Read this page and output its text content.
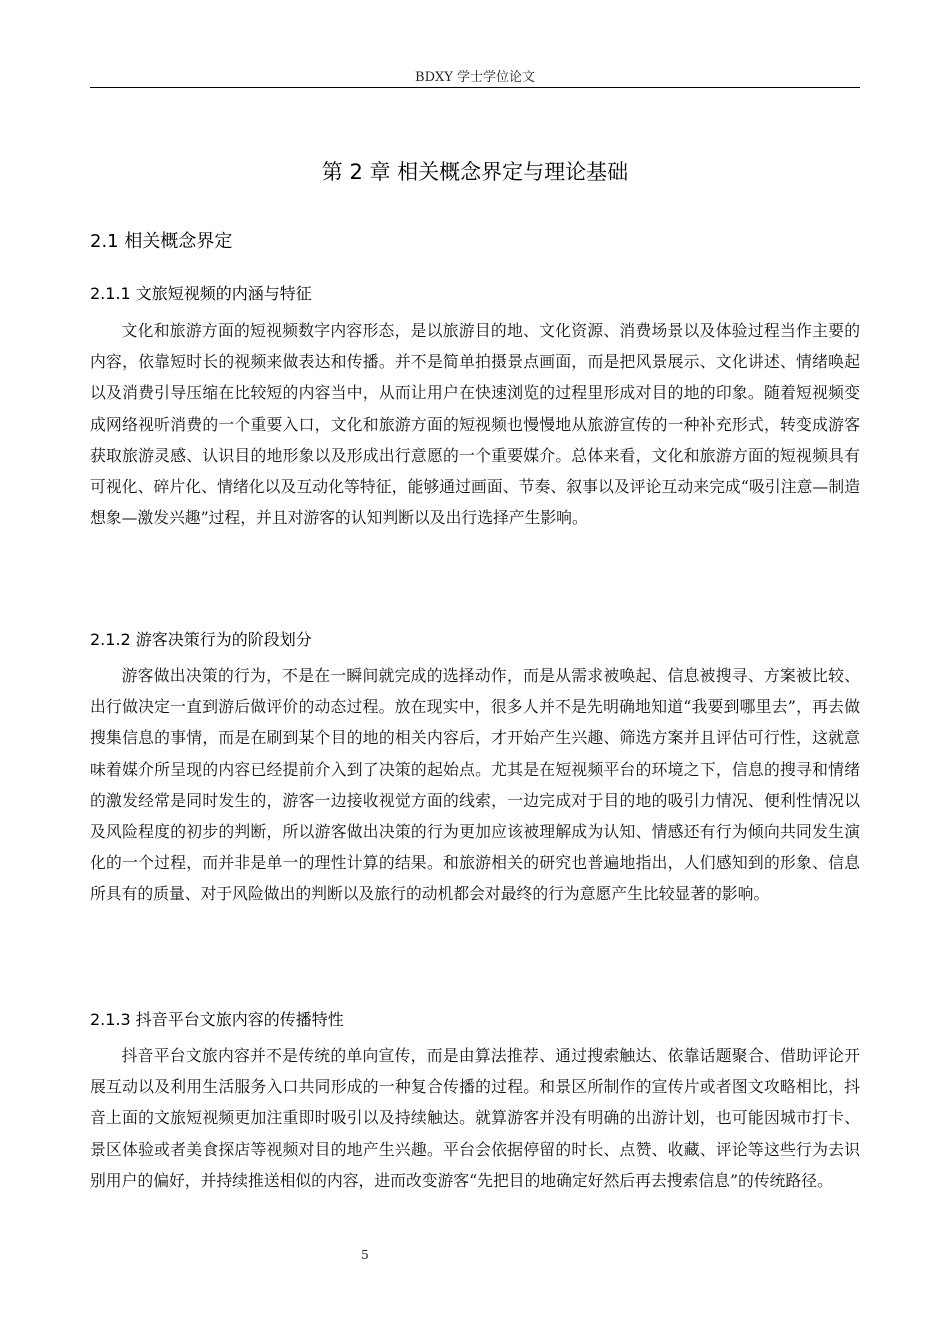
BDXY 学士学位论文
第 2 章 相关概念界定与理论基础
2.1 相关概念界定
2.1.1 文旅短视频的内涵与特征

文化和旅游方面的短视频数字内容形态，是以旅游目的地、文化资源、消费场景以及体验过程当作主要的内容，依靠短时长的视频来做表达和传播。并不是简单拍摄景点画面，而是把风景展示、文化讲述、情绪唤起以及消费引导压缩在比较短的内容当中，从而让用户在快速浏览的过程里形成对目的地的印象。随着短视频变成网络视听消费的一个重要入口，文化和旅游方面的短视频也慢慢地从旅游宣传的一种补充形式，转变成游客获取旅游灵感、认识目的地形象以及形成出行意愿的一个重要媒介。总体来看，文化和旅游方面的短视频具有可视化、碎片化、情绪化以及互动化等特征，能够通过画面、节奏、叙事以及评论互动来完成“吸引注意—制造想象—激发兴趣”过程，并且对游客的认知判断以及出行选择产生影响。

2.1.2 游客决策行为的阶段划分

游客做出决策的行为，不是在一瞬间就完成的选择动作，而是从需求被唤起、信息被搜寻、方案被比较、出行做决定一直到游后做评价的动态过程。放在现实中，很多人并不是先明确地知道“我要到哪里去”，再去做搜集信息的事情，而是在刷到某个目的地的相关内容后，才开始产生兴趣、筛选方案并且评估可行性，这就意味着媒介所呈现的内容已经提前介入到了决策的起始点。尤其是在短视频平台的环境之下，信息的搜寻和情绪的激发经常是同时发生的，游客一边接收视觉方面的线索，一边完成对于目的地的吸引力情况、便利性情况以及风险程度的初步的判断，所以游客做出决策的行为更加应该被理解成为认知、情感还有行为倾向共同发生演化的一个过程，而并非是单一的理性计算的结果。和旅游相关的研究也普遍地指出，人们感知到的形象、信息所具有的质量、对于风险做出的判断以及旅行的动机都会对最终的行为意愿产生比较显著的影响。

2.1.3 抖音平台文旅内容的传播特性

抖音平台文旅内容并不是传统的单向宣传，而是由算法推荐、通过搜索触达、依靠话题聚合、借助评论开展互动以及利用生活服务入口共同形成的一种复合传播的过程。和景区所制作的宣传片或者图文攻略相比，抖音上面的文旅短视频更加注重即时吸引以及持续触达。就算游客并没有明确的出游计划，也可能因城市打卡、景区体验或者美食探店等视频对目的地产生兴趣。平台会依据停留的时长、点赞、收藏、评论等这些行为去识别用户的偏好，并持续推送相似的内容，进而改变游客“先把目的地确定好然后再去搜索信息”的传统路径。

5
